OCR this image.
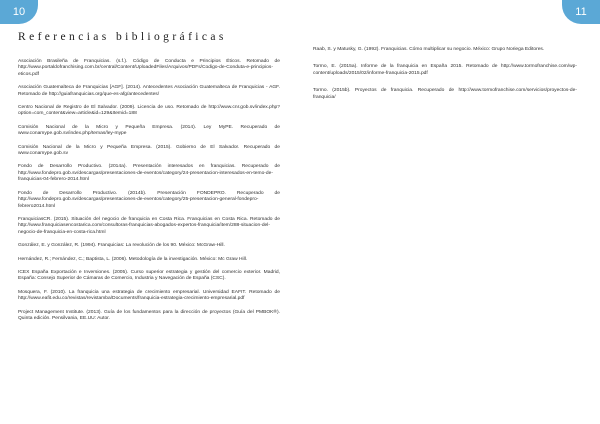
10
Referencias bibliográficas
Asociación Brasileña de Franquicias. (s.f.). Código de Conducta e Principios Éticos. Retomado de http://www.portaldofranchising.com.br/central/Content/UploadedFiles/Arquivos/PDFs/Codigo-de-Conduta-e-principios-eticos.pdf
Asociación Guatemalteca de Franquicias [AGF]. (2014). Antecedentes Asociación Guatemalteca de Franquicias - AGF. Retomado de http://guiafranquicias.org/que-es-afg/antecedentes/
Centro Nacional de Registro de El Salvador. (2009). Licencia de uso. Retomado de http://www.cnr.gob.sv/index.php?option=com_content&view=article&id=129&Itemid=188
Comisión Nacional de la Micro y Pequeña Empresa. (2014). Ley MyPE. Recuperado de www.conamype.gob.sv/index.php/temas/ley-mype
Comisión Nacional de la Micro y Pequeña Empresa. (2015). Gobierno de El Salvador. Recuperado de www.conamype.gob.sv
Fondo de Desarrollo Productivo. (2014a). Presentación interesados en franquicias. Recuperado de http://www.fondepro.gob.sv/descargas/presentaciones-de-eventos/category/24-presentacion-interesados-en-temo-de-franquicias-04-febrero-2014.html
Fondo de Desarrollo Productivo. (2014b). Presentación FONDEPRO. Recuperado de http://www.fondepro.gob.sv/descargas/presentaciones-de-eventos/category/25-presentacion-general-fondepro-febrero2014.html
FranquiciasCR. (2015). Situación del negocio de franquicia en Costa Rica. Franquicias en Costa Rica. Retomado de http://www.franquiciasencostarica.com/consultoras-franquicias-abogados-expertos-franquicia/item/288-situacion-del-negocio-de-franquicia-en-costa-rica.html
González, E. y González, R. (1994). Franquicias: La revolución de los 90. México: McGraw-Hill.
Hernández, R.; Fernández, C.; Baptista, L. (2006). Metodología de la investigación. México: Mc Graw Hill.
ICEX España Exportación e Inversiones. (2005). Curso superior estrategia y gestión del comercio exterior. Madrid, España: Consejo Superior de Cámaras de Comercio, Industria y Navegación de España (CSC).
Mosquera, F. (2010). La franquicia una estrategia de crecimiento empresarial. Universidad EAFIT. Retomado de http://www.eafit.edu.co/revistas/revistamba/Documents/franquicia-estrategia-crecimiento-empresarial.pdf
Project Management Institute. (2013). Guía de los fundamentos para la dirección de proyectos (Guía del PMBOK®). Quinta edición. Pensilvania, EE.UU: Autor.
11
Raab, S. y Matusky, G. (1992). Franquicias. Cómo multiplicar su negocio. México: Grupo Noriega Editores.
Tormo, E. (2015a). Informe de la franquicia en España 2015. Retomado de http://www.tormofranchise.com/wp-content/uploads/2015/02/informe-franquicia-2015.pdf
Tormo. (2015b). Proyectos de franquicia. Recuperado de http://www.tormofranchise.com/servicios/proyectos-de-franquicia/
